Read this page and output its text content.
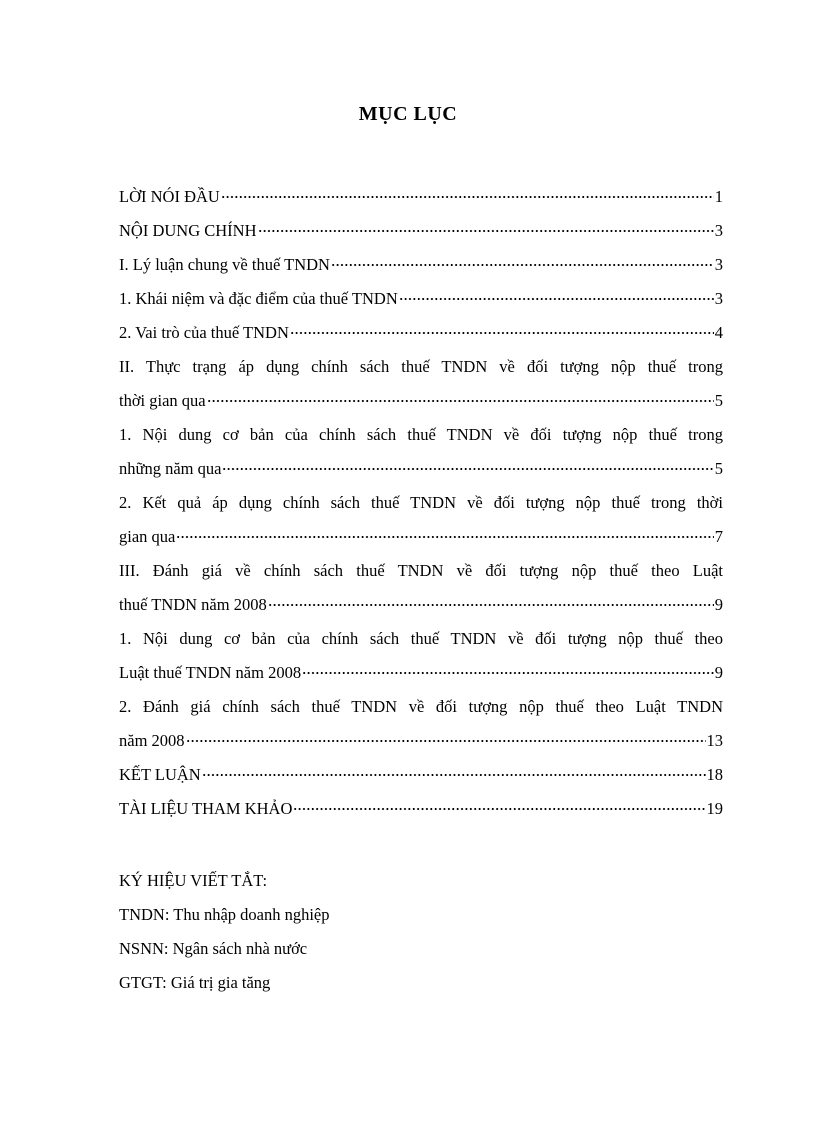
MỤC LỤC
LỜI NÓI ĐẦU	1
NỘI DUNG CHÍNH	3
I. Lý luận chung về thuế TNDN	3
1. Khái niệm và đặc điểm của thuế TNDN	3
2. Vai trò của thuế TNDN	4
II. Thực trạng áp dụng chính sách thuế TNDN về đối tượng nộp thuế trong
thời gian qua	5
1. Nội dung cơ bản của chính sách thuế TNDN về đối tượng nộp thuế trong
những năm qua	5
2. Kết quả áp dụng chính sách thuế TNDN về đối tượng nộp thuế trong thời
gian qua	7
III. Đánh giá về chính sách thuế TNDN về đối tượng nộp thuế theo Luật
thuế TNDN năm 2008	9
1. Nội dung cơ bản của chính sách thuế TNDN về đối tượng nộp thuế theo
Luật thuế TNDN năm 2008	9
2. Đánh giá chính sách thuế TNDN về đối tượng nộp thuế theo Luật TNDN
năm 2008	13
KẾT LUẬN	18
TÀI LIỆU THAM KHẢO	19
KÝ HIỆU VIẾT TẮT:
TNDN: Thu nhập doanh nghiệp
NSNN: Ngân sách nhà nước
GTGT: Giá trị gia tăng
